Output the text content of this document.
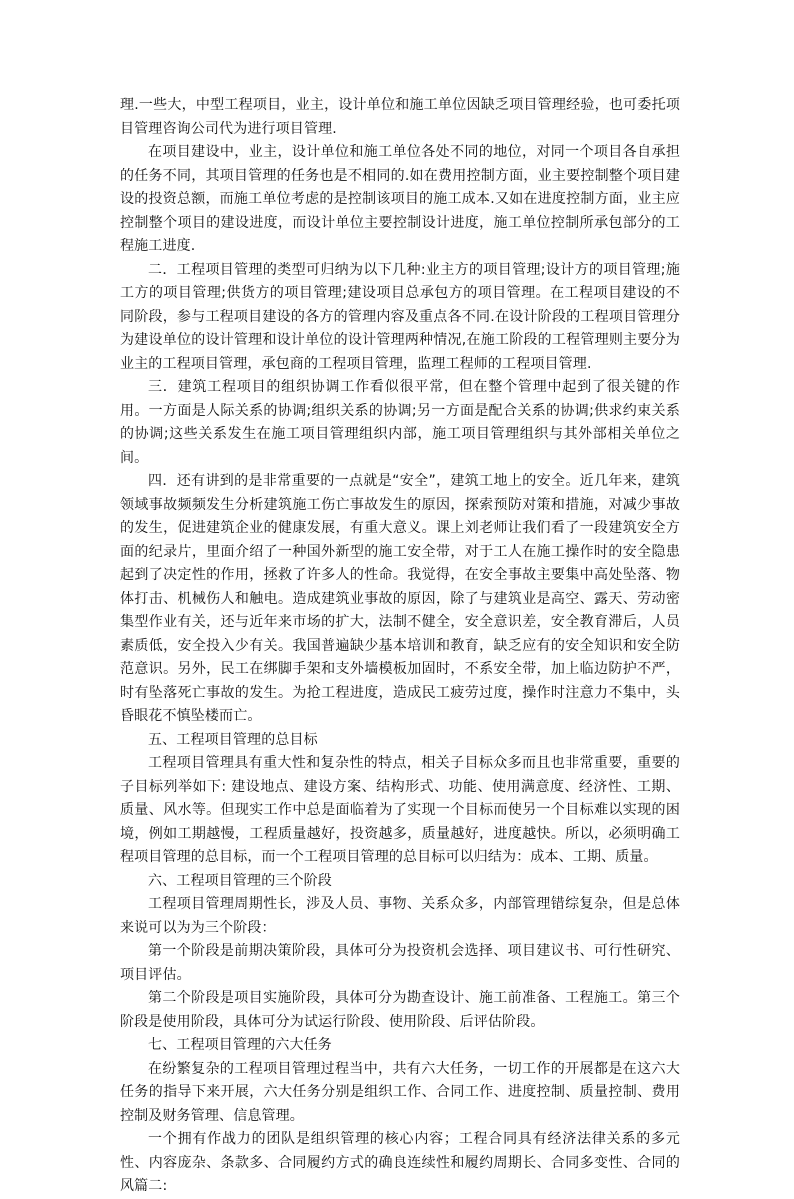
理.一些大，中型工程项目，业主，设计单位和施工单位因缺乏项目管理经验，也可委托项目管理咨询公司代为进行项目管理.

在项目建设中，业主，设计单位和施工单位各处不同的地位，对同一个项目各自承担的任务不同，其项目管理的任务也是不相同的.如在费用控制方面，业主要控制整个项目建设的投资总额，而施工单位考虑的是控制该项目的施工成本.又如在进度控制方面，业主应控制整个项目的建设进度，而设计单位主要控制设计进度，施工单位控制所承包部分的工程施工进度.

二．工程项目管理的类型可归纳为以下几种:业主方的项目管理;设计方的项目管理;施工方的项目管理;供货方的项目管理;建设项目总承包方的项目管理。在工程项目建设的不同阶段，参与工程项目建设的各方的管理内容及重点各不同.在设计阶段的工程项目管理分为建设单位的设计管理和设计单位的设计管理两种情况,在施工阶段的工程管理则主要分为业主的工程项目管理，承包商的工程项目管理，监理工程师的工程项目管理.

三．建筑工程项目的组织协调工作看似很平常，但在整个管理中起到了很关键的作用。一方面是人际关系的协调;组织关系的协调;另一方面是配合关系的协调;供求约束关系的协调;这些关系发生在施工项目管理组织内部，施工项目管理组织与其外部相关单位之间。

四．还有讲到的是非常重要的一点就是“安全”，建筑工地上的安全。近几年来，建筑领域事故频频发生分析建筑施工伤亡事故发生的原因，探索预防对策和措施，对减少事故的发生，促进建筑企业的健康发展，有重大意义。课上刘老师让我们看了一段建筑安全方面的纪录片，里面介绍了一种国外新型的施工安全带，对于工人在施工操作时的安全隐患起到了决定性的作用，拯救了许多人的性命。我觉得，在安全事故主要集中高处坠落、物体打击、机械伤人和触电。造成建筑业事故的原因，除了与建筑业是高空、露天、劳动密集型作业有关，还与近年来市场的扩大，法制不健全，安全意识差，安全教育滞后，人员素质低，安全投入少有关。我国普遍缺少基本培训和教育，缺乏应有的安全知识和安全防范意识。另外，民工在绑脚手架和支外墙模板加固时，不系安全带，加上临边防护不严，时有坠落死亡事故的发生。为抢工程进度，造成民工疲劳过度，操作时注意力不集中，头昏眼花不慎坠楼而亡。

五、工程项目管理的总目标

工程项目管理具有重大性和复杂性的特点，相关子目标众多而且也非常重要，重要的子目标列举如下: 建设地点、建设方案、结构形式、功能、使用满意度、经济性、工期、质量、风水等。但现实工作中总是面临着为了实现一个目标而使另一个目标难以实现的困境，例如工期越慢，工程质量越好，投资越多，质量越好，进度越快。所以，必须明确工程项目管理的总目标，而一个工程项目管理的总目标可以归结为：成本、工期、质量。

六、工程项目管理的三个阶段

工程项目管理周期性长，涉及人员、事物、关系众多，内部管理错综复杂，但是总体来说可以为为三个阶段：

第一个阶段是前期决策阶段，具体可分为投资机会选择、项目建议书、可行性研究、项目评估。

第二个阶段是项目实施阶段，具体可分为勘查设计、施工前准备、工程施工。第三个阶段是使用阶段，具体可分为试运行阶段、使用阶段、后评估阶段。

七、工程项目管理的六大任务

在纷繁复杂的工程项目管理过程当中，共有六大任务，一切工作的开展都是在这六大任务的指导下来开展，六大任务分别是组织工作、合同工作、进度控制、质量控制、费用控制及财务管理、信息管理。

一个拥有作战力的团队是组织管理的核心内容；工程合同具有经济法律关系的多元性、内容庞杂、条款多、合同履约方式的确良连续性和履约周期长、合同多变性、合同的风篇二:
